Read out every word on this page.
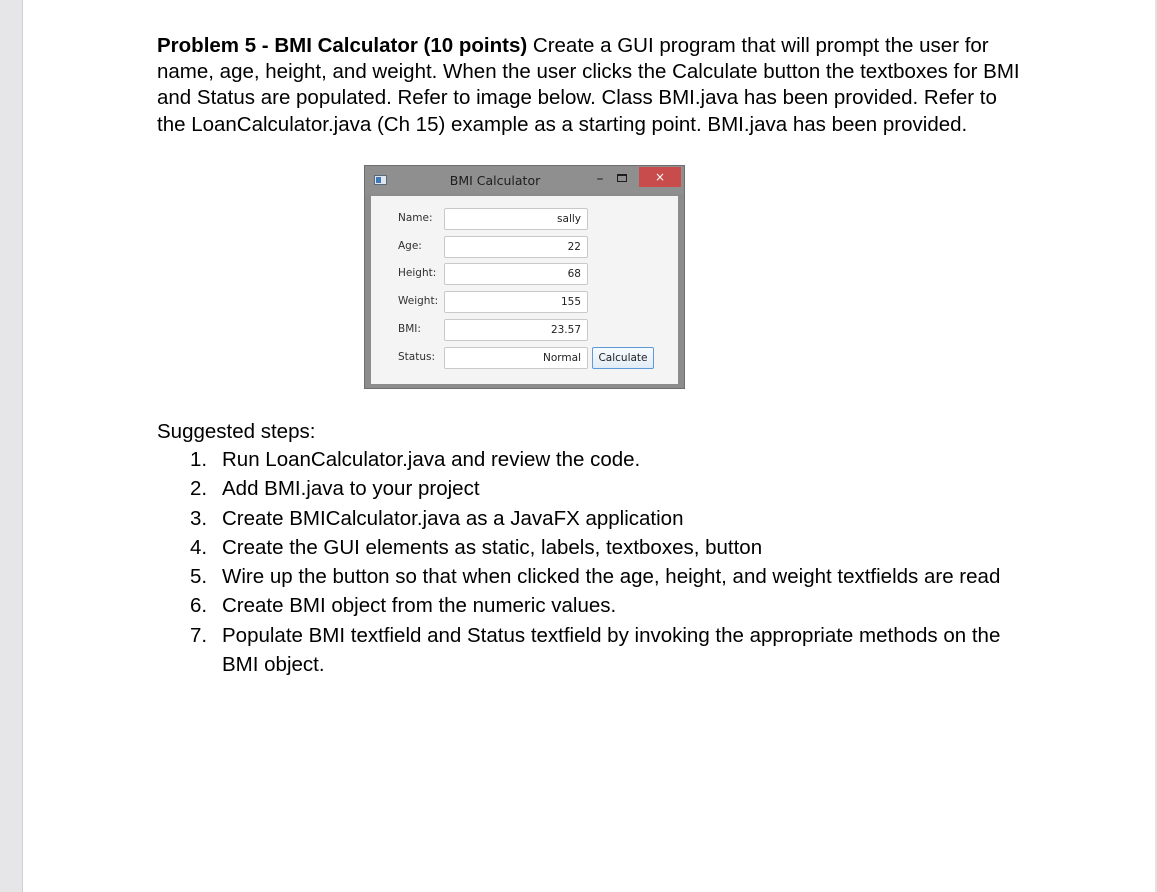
Problem 5 - BMI Calculator (10 points) Create a GUI program that will prompt the user for name, age, height, and weight. When the user clicks the Calculate button the textboxes for BMI and Status are populated. Refer to image below. Class BMI.java has been provided. Refer to the LoanCalculator.java (Ch 15) example as a starting point. BMI.java has been provided.

BMI Calculator	–	×
Name:	sally
Age:	22
Height:	68
Weight:	155
BMI:	23.57
Status:	Normal	Calculate
Suggested steps:
1. Run LoanCalculator.java and review the code.
2. Add BMI.java to your project
3. Create BMICalculator.java as a JavaFX application
4. Create the GUI elements as static, labels, textboxes, button
5. Wire up the button so that when clicked the age, height, and weight textfields are read
6. Create BMI object from the numeric values.
7. Populate BMI textfield and Status textfield by invoking the appropriate methods on the BMI object.
